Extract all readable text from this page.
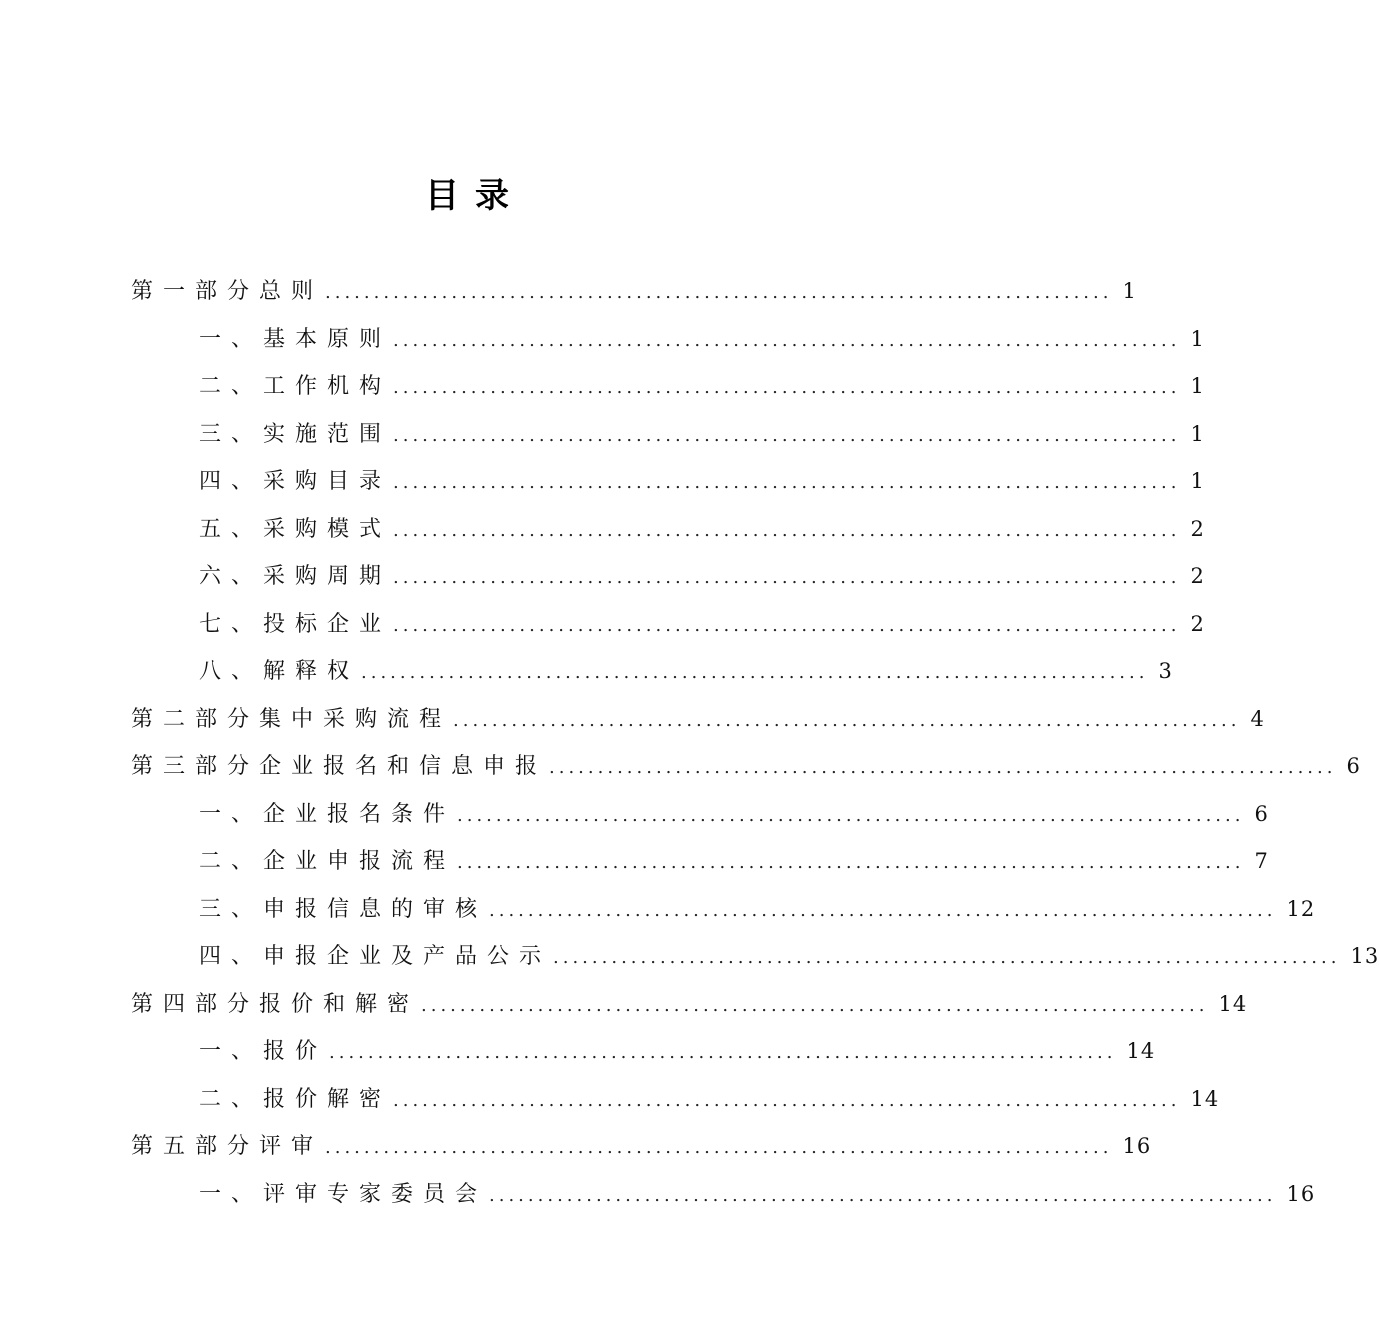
目录
第一部分总则 ................................................................................. 1
一、基本原则 ................................................................................. 1
二、工作机构 ................................................................................. 1
三、实施范围 ................................................................................. 1
四、采购目录 ................................................................................. 1
五、采购模式 ................................................................................. 2
六、采购周期 ................................................................................. 2
七、投标企业 ................................................................................. 2
八、解释权 ................................................................................. 3
第二部分集中采购流程 ................................................................................. 4
第三部分企业报名和信息申报 ................................................................................. 6
一、企业报名条件 ................................................................................. 6
二、企业申报流程 ................................................................................. 7
三、申报信息的审核 ................................................................................. 12
四、申报企业及产品公示 ................................................................................. 13
第四部分报价和解密 ................................................................................. 14
一、报价 ................................................................................. 14
二、报价解密 ................................................................................. 14
第五部分评审 ................................................................................. 16
一、评审专家委员会 ................................................................................. 16
